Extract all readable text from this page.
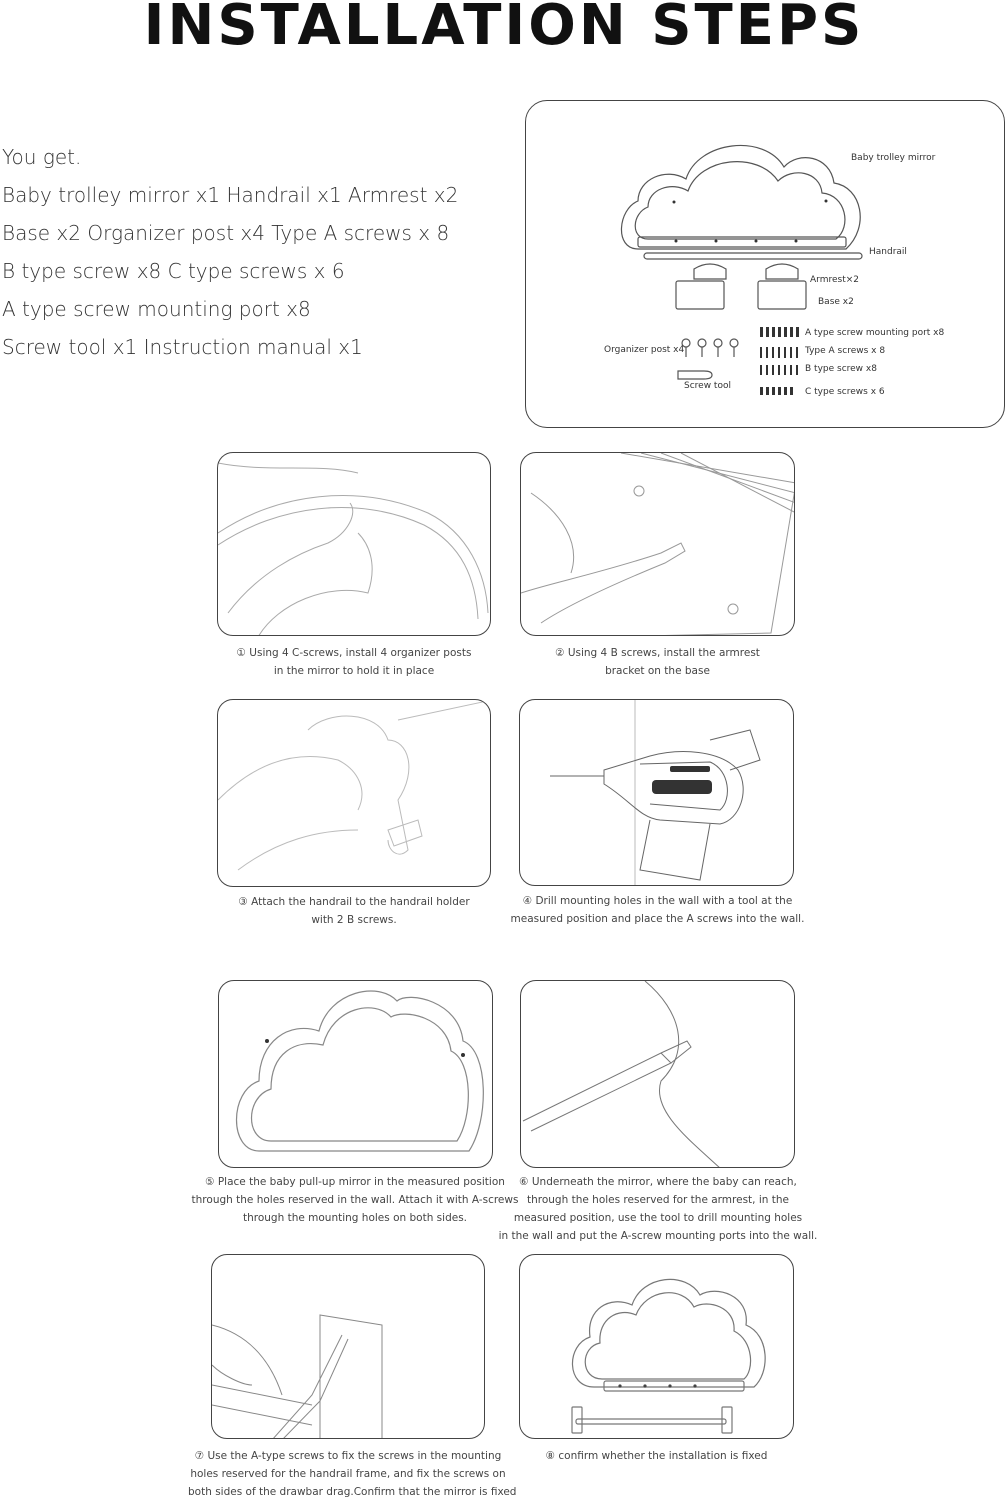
INSTALLATION STEPS
You get.
Baby trolley mirror x1 Handrail x1 Armrest x2
Base x2 Organizer post x4 Type A screws x 8
B type screw x8 C type screws x 6
A type screw mounting port x8
Screw tool x1 Instruction manual x1
Baby trolley mirror
Handrail
Armrest×2
Base x2
Organizer post x4
Screw tool
A type screw mounting port x8
Type A screws x 8
B type screw x8
C type screws x 6
① Using 4 C-screws, install 4 organizer posts
in the mirror to hold it in place
② Using 4 B screws, install the armrest
bracket on the base
③ Attach the handrail to the handrail holder
with 2 B screws.
④ Drill mounting holes in the wall with a tool at the
measured position and place the A screws into the wall.
⑤ Place the baby pull-up mirror in the measured position
through the holes reserved in the wall. Attach it with A-screws
through the mounting holes on both sides.
⑥ Underneath the mirror, where the baby can reach,
through the holes reserved for the armrest, in the
measured position, use the tool to drill mounting holes
in the wall and put the A-screw mounting ports into the wall.
⑦ Use the A-type screws to fix the screws in the mounting
holes reserved for the handrail frame, and fix the screws on
both sides of the drawbar drag.Confirm that the mirror is fixed
⑧ confirm whether the installation is fixed
